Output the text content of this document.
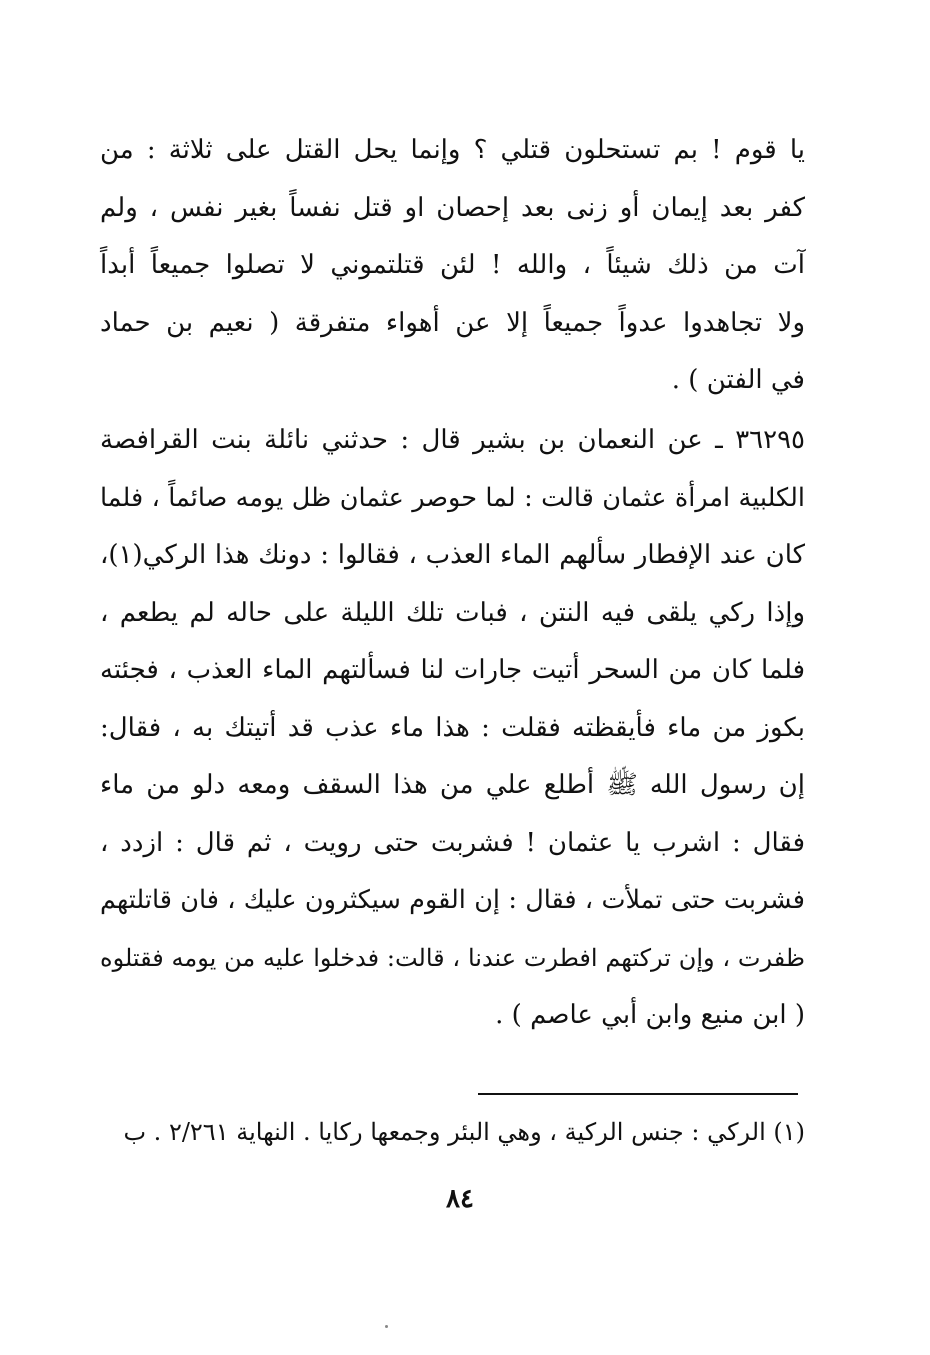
يا قوم ! بم تستحلون قتلي ؟ وإنما يحل القتل على ثلاثة : من
كفر بعد إيمان أو زنى بعد إحصان او قتل نفساً بغير نفس ، ولم
آت من ذلك شيئاً ، والله ! لئن قتلتموني لا تصلوا جميعاً أبداً
ولا تجاهدوا عدواً جميعاً إلا عن أهواء متفرقة ( نعيم بن حماد
في الفتن ) .
٣٦٢٩٥ ـ عن النعمان بن بشير قال : حدثني نائلة بنت القرافصة
الكلبية امرأة عثمان قالت : لما حوصر عثمان ظل يومه صائماً ، فلما
كان عند الإفطار سألهم الماء العذب ، فقالوا : دونك هذا الركي(١)،
وإذا ركي يلقى فيه النتن ، فبات تلك الليلة على حاله لم يطعم ،
فلما كان من السحر أتيت جارات لنا فسألتهم الماء العذب ، فجئته
بكوز من ماء فأيقظته فقلت : هذا ماء عذب قد أتيتك به ، فقال:
إن رسول الله ﷺ أطلع علي من هذا السقف ومعه دلو من ماء
فقال : اشرب يا عثمان ! فشربت حتى رويت ، ثم قال : ازدد ،
فشربت حتى تملأت ، فقال : إن القوم سيكثرون عليك ، فان قاتلتهم
ظفرت ، وإن تركتهم افطرت عندنا ، قالت: فدخلوا عليه من يومه فقتلوه
( ابن منيع وابن أبي عاصم ) .
(١) الركي : جنس الركية ، وهي البئر وجمعها ركايا . النهاية ٢/٢٦١ . ب
٨٤
